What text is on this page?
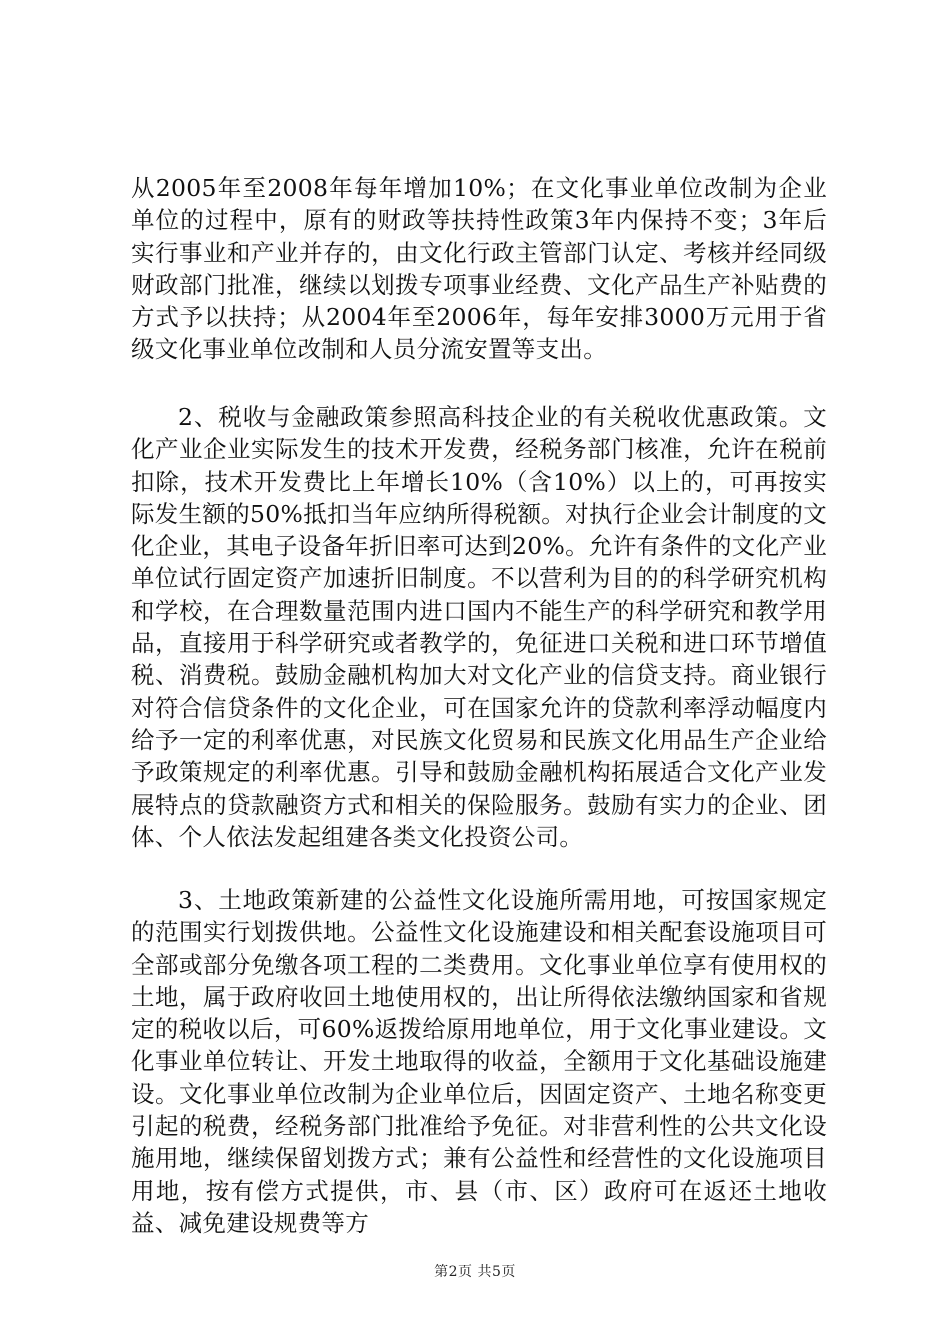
从2005年至2008年每年增加10%；在文化事业单位改制为企业单位的过程中，原有的财政等扶持性政策3年内保持不变；3年后实行事业和产业并存的，由文化行政主管部门认定、考核并经同级财政部门批准，继续以划拨专项事业经费、文化产品生产补贴费的方式予以扶持；从2004年至2006年，每年安排3000万元用于省级文化事业单位改制和人员分流安置等支出。

2、税收与金融政策参照高科技企业的有关税收优惠政策。文化产业企业实际发生的技术开发费，经税务部门核准，允许在税前扣除，技术开发费比上年增长10%（含10%）以上的，可再按实际发生额的50%抵扣当年应纳所得税额。对执行企业会计制度的文化企业，其电子设备年折旧率可达到20%。允许有条件的文化产业单位试行固定资产加速折旧制度。不以营利为目的的科学研究机构和学校，在合理数量范围内进口国内不能生产的科学研究和教学用品，直接用于科学研究或者教学的，免征进口关税和进口环节增值税、消费税。鼓励金融机构加大对文化产业的信贷支持。商业银行对符合信贷条件的文化企业，可在国家允许的贷款利率浮动幅度内给予一定的利率优惠，对民族文化贸易和民族文化用品生产企业给予政策规定的利率优惠。引导和鼓励金融机构拓展适合文化产业发展特点的贷款融资方式和相关的保险服务。鼓励有实力的企业、团体、个人依法发起组建各类文化投资公司。

3、土地政策新建的公益性文化设施所需用地，可按国家规定的范围实行划拨供地。公益性文化设施建设和相关配套设施项目可全部或部分免缴各项工程的二类费用。文化事业单位享有使用权的土地，属于政府收回土地使用权的，出让所得依法缴纳国家和省规定的税收以后，可60%返拨给原用地单位，用于文化事业建设。文化事业单位转让、开发土地取得的收益，全额用于文化基础设施建设。文化事业单位改制为企业单位后，因固定资产、土地名称变更引起的税费，经税务部门批准给予免征。对非营利性的公共文化设施用地，继续保留划拨方式；兼有公益性和经营性的文化设施项目用地，按有偿方式提供，市、县（市、区）政府可在返还土地收益、减免建设规费等方

第2页 共5页
